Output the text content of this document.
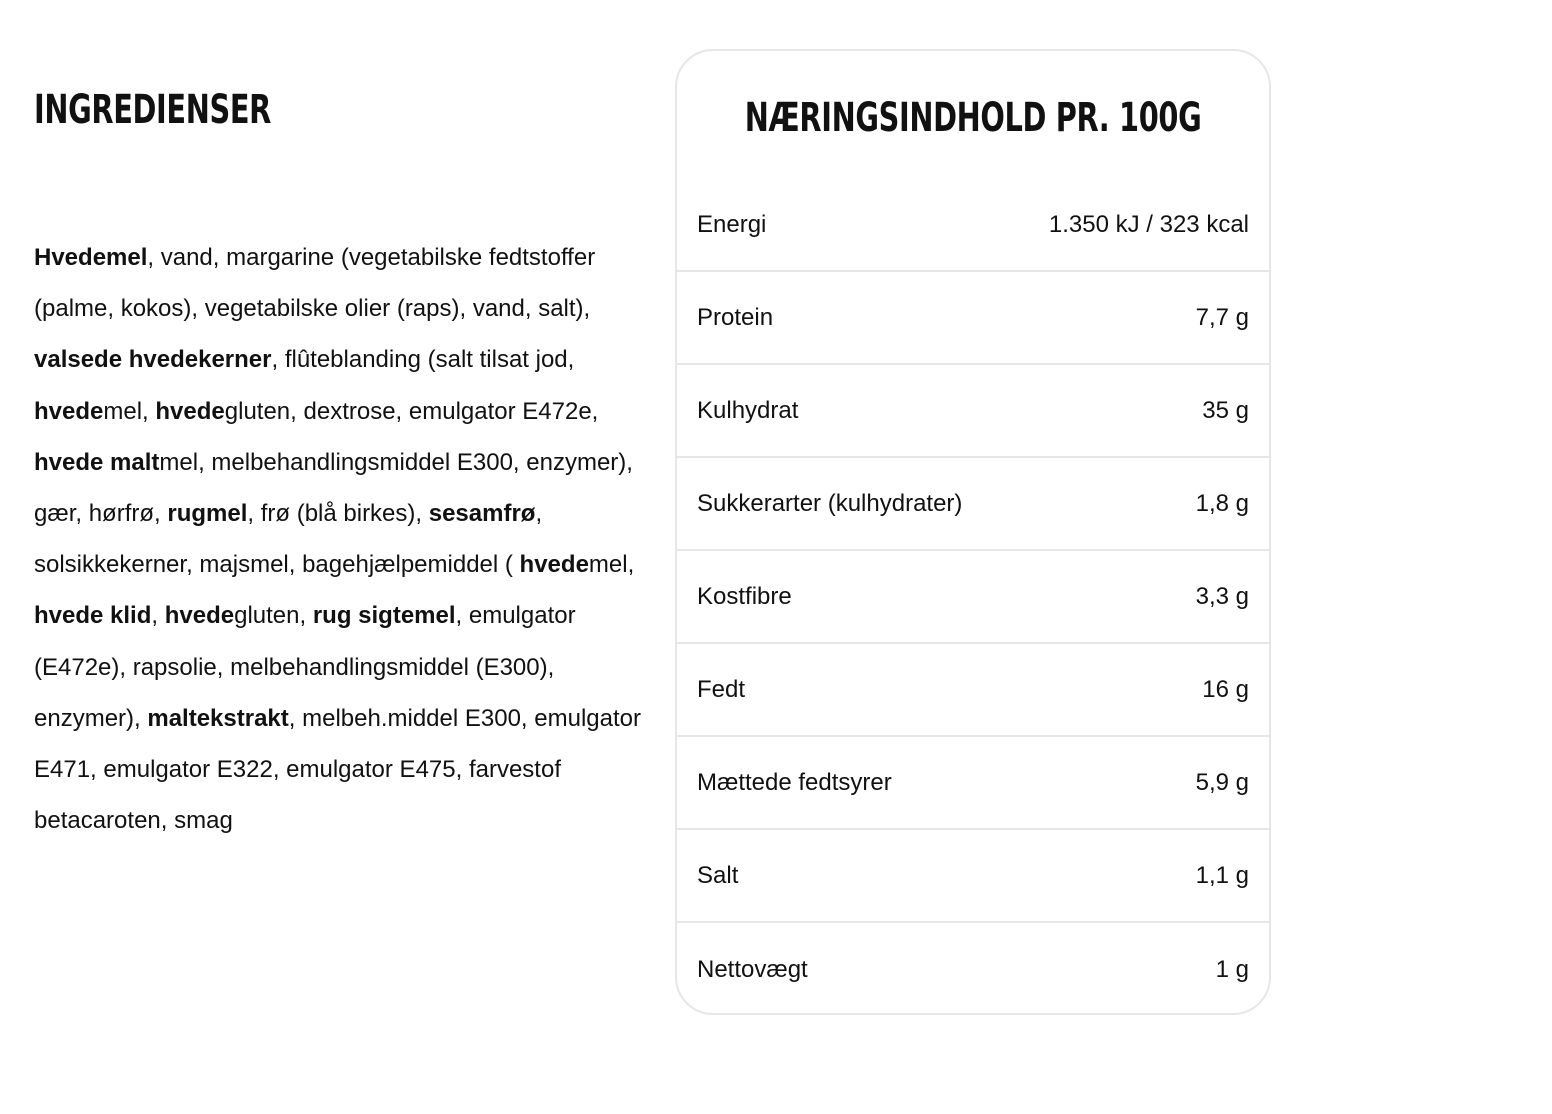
INGREDIENSER

Hvedemel, vand, margarine (vegetabilske fedtstoffer (palme, kokos), vegetabilske olier (raps), vand, salt), valsede hvedekerner, flûteblanding (salt tilsat jod, hvedemel, hvedegluten, dextrose, emulgator E472e, hvede maltmel, melbehandlingsmiddel E300, enzymer), gær, hørfrø, rugmel, frø (blå birkes), sesamfrø, solsikkekerner, majsmel, bagehjælpemiddel ( hvedemel, hvede klid, hvedegluten, rug sigtemel, emulgator (E472e), rapsolie, melbehandlingsmiddel (E300), enzymer), maltekstrakt, melbeh.middel E300, emulgator E471, emulgator E322, emulgator E475, farvestof betacaroten, smag

NÆRINGSINDHOLD PR. 100G
Energi	1.350 kJ / 323 kcal
Protein	7,7 g
Kulhydrat	35 g
Sukkerarter (kulhydrater)	1,8 g
Kostfibre	3,3 g
Fedt	16 g
Mættede fedtsyrer	5,9 g
Salt	1,1 g
Nettovægt	1 g
